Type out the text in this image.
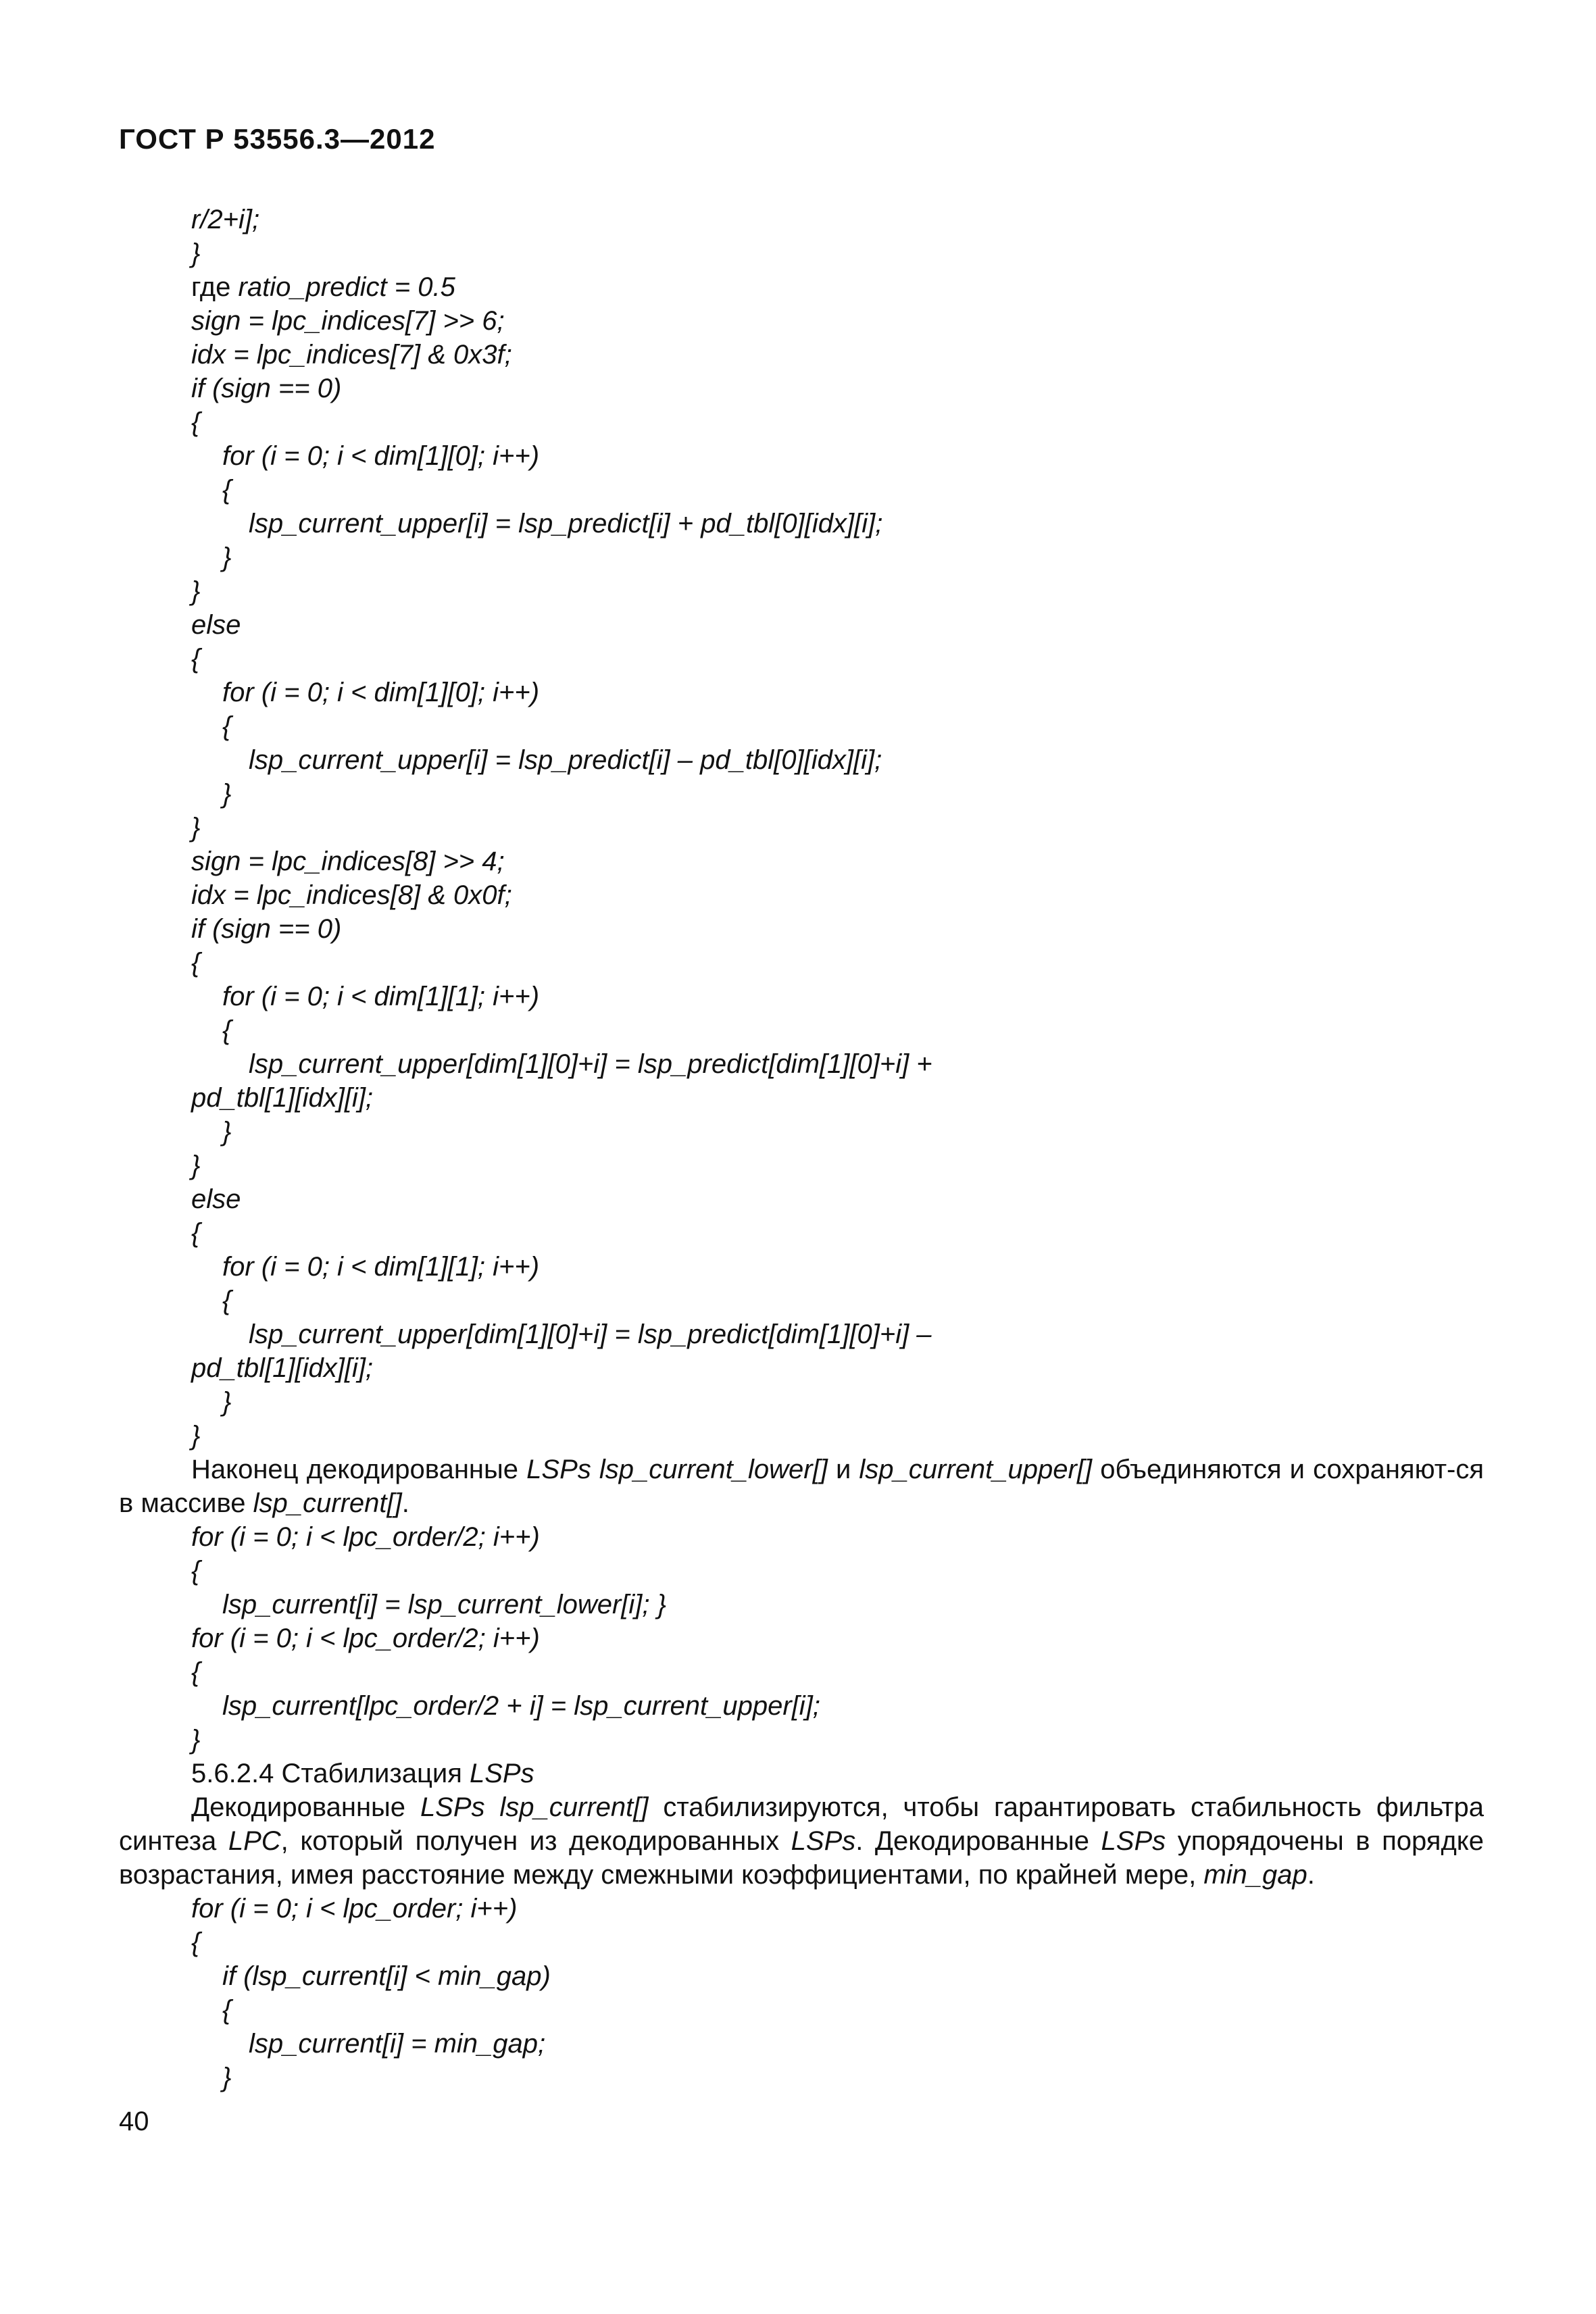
ГОСТ Р 53556.3—2012
r/2+i];
}
где ratio_predict = 0.5
sign = lpc_indices[7] >> 6;
idx = lpc_indices[7] & 0x3f;
if (sign == 0)
{
for (i = 0; i < dim[1][0]; i++)
{
lsp_current_upper[i] = lsp_predict[i] + pd_tbl[0][idx][i];
}
}
else
{
for (i = 0; i < dim[1][0]; i++)
{
lsp_current_upper[i] = lsp_predict[i] – pd_tbl[0][idx][i];
}
}
sign = lpc_indices[8] >> 4;
idx = lpc_indices[8] & 0x0f;
if (sign == 0)
{
for (i = 0; i < dim[1][1]; i++)
{
lsp_current_upper[dim[1][0]+i] = lsp_predict[dim[1][0]+i] +
pd_tbl[1][idx][i];
}
}
else
{
for (i = 0; i < dim[1][1]; i++)
{
lsp_current_upper[dim[1][0]+i] = lsp_predict[dim[1][0]+i] –
pd_tbl[1][idx][i];
}
}
Наконец декодированные LSPs lsp_current_lower[] и lsp_current_upper[] объединяются и сохраняют-ся в массиве lsp_current[].
for (i = 0; i < lpc_order/2; i++)
{
lsp_current[i] = lsp_current_lower[i]; }
for (i = 0; i < lpc_order/2; i++)
{
lsp_current[lpc_order/2 + i] = lsp_current_upper[i];
}
5.6.2.4 Стабилизация LSPs
Декодированные LSPs lsp_current[] стабилизируются, чтобы гарантировать стабильность фильтра синтеза LPC, который получен из декодированных LSPs. Декодированные LSPs упорядочены в порядке возрастания, имея расстояние между смежными коэффициентами, по крайней мере, min_gap.
for (i = 0; i < lpc_order; i++)
{
if (lsp_current[i] < min_gap)
{
lsp_current[i] = min_gap;
}
40
